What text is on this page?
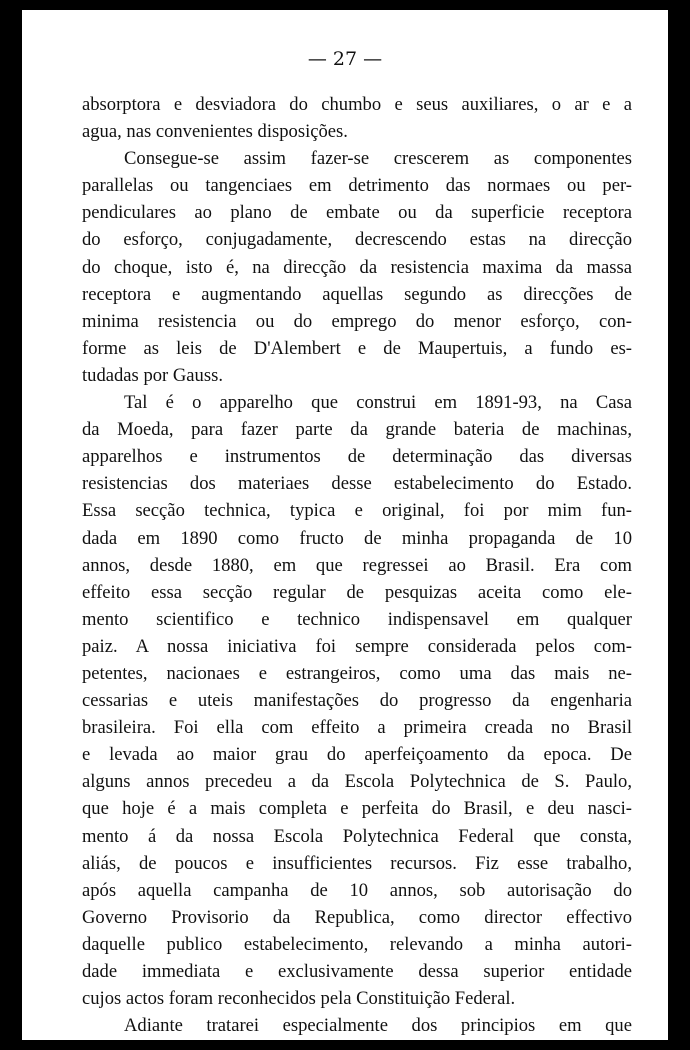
— 27 —
absorptora e desviadora do chumbo e seus auxiliares, o ar e a
agua, nas convenientes disposições.
Consegue-se assim fazer-se crescerem as componentes
parallelas ou tangenciaes em detrimento das normaes ou per-
pendiculares ao plano de embate ou da superficie receptora
do esforço, conjugadamente, decrescendo estas na direcção
do choque, isto é, na direcção da resistencia maxima da massa
receptora e augmentando aquellas segundo as direcções de
minima resistencia ou do emprego do menor esforço, con-
forme as leis de D'Alembert e de Maupertuis, a fundo es-
tudadas por Gauss.
Tal é o apparelho que construi em 1891-93, na Casa
da Moeda, para fazer parte da grande bateria de machinas,
apparelhos e instrumentos de determinação das diversas
resistencias dos materiaes desse estabelecimento do Estado.
Essa secção technica, typica e original, foi por mim fun-
dada em 1890 como fructo de minha propaganda de 10
annos, desde 1880, em que regressei ao Brasil. Era com
effeito essa secção regular de pesquizas aceita como ele-
mento scientifico e technico indispensavel em qualquer
paiz. A nossa iniciativa foi sempre considerada pelos com-
petentes, nacionaes e estrangeiros, como uma das mais ne-
cessarias e uteis manifestações do progresso da engenharia
brasileira. Foi ella com effeito a primeira creada no Brasil
e levada ao maior grau do aperfeiçoamento da epoca. De
alguns annos precedeu a da Escola Polytechnica de S. Paulo,
que hoje é a mais completa e perfeita do Brasil, e deu nasci-
mento á da nossa Escola Polytechnica Federal que consta,
aliás, de poucos e insufficientes recursos. Fiz esse trabalho,
após aquella campanha de 10 annos, sob autorisação do
Governo Provisorio da Republica, como director effectivo
daquelle publico estabelecimento, relevando a minha autori-
dade immediata e exclusivamente dessa superior entidade
cujos actos foram reconhecidos pela Constituição Federal.
Adiante tratarei especialmente dos principios em que
